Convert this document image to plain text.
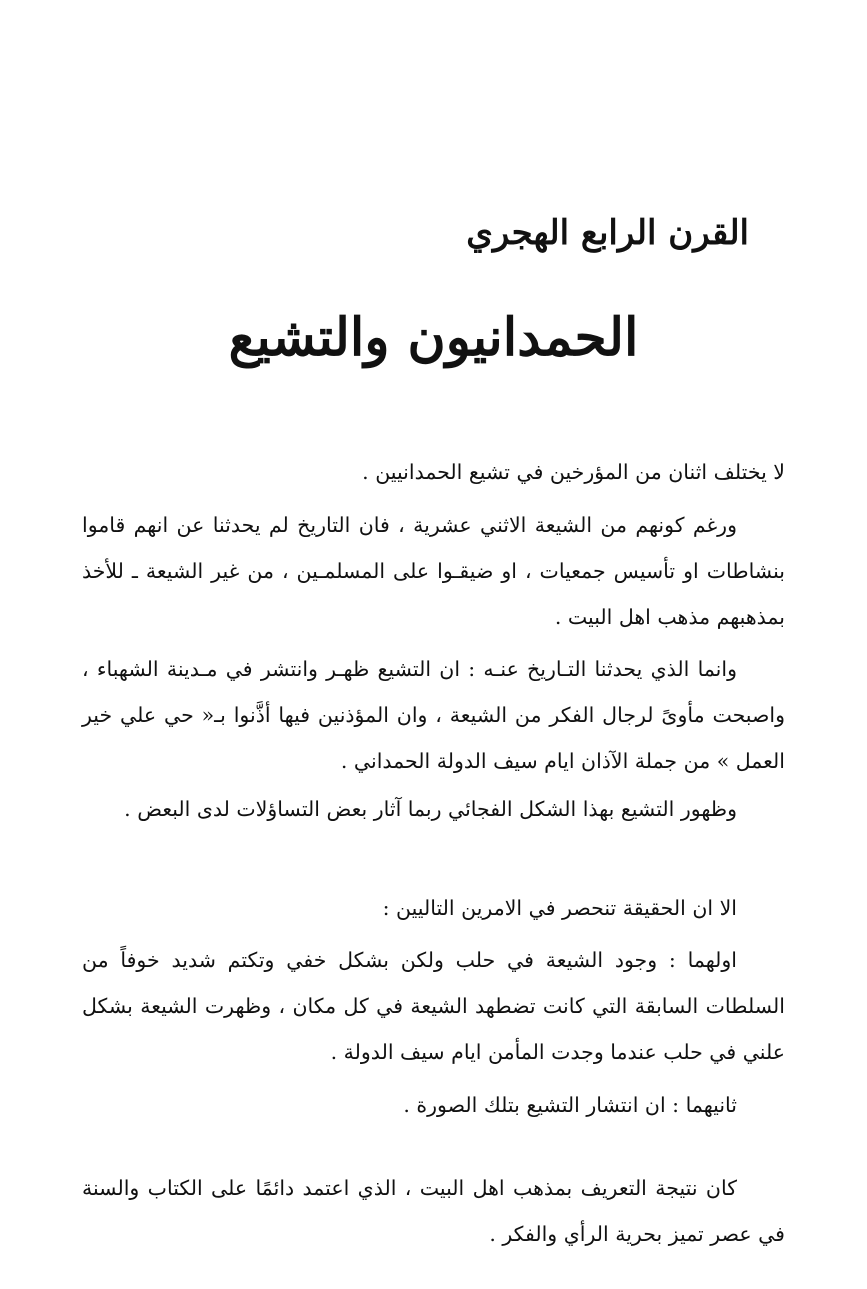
القرن الرابع الهجري
الحمدانيون والتشيع

لا يختلف اثنان من المؤرخين في تشيع الحمدانيين .

ورغم كونهم من الشيعة الاثني عشرية ، فان التاريخ لم يحدثنا عن انهم قاموا بنشاطات او تأسيس جمعيات ، او ضيقـوا على المسلمـين ، من غير الشيعة ـ للأخذ بمذهبهم مذهب اهل البيت .

وانما الذي يحدثنا التـاريخ عنـه : ان التشيع ظهـر وانتشر في مـدينة الشهباء ، واصبحت مأوىً لرجال الفكر من الشيعة ، وان المؤذنين فيها أذَّنوا بـ« حي علي خير العمل » من جملة الآذان ايام سيف الدولة الحمداني .

وظهور التشيع بهذا الشكل الفجائي ربما آثار بعض التساؤلات لدى البعض .

الا ان الحقيقة تنحصر في الامرين التاليين :

اولهما : وجود الشيعة في حلب ولكن بشكل خفي وتكتم شديد خوفاً من السلطات السابقة التي كانت تضطهد الشيعة في كل مكان ، وظهرت الشيعة بشكل علني في حلب عندما وجدت المأمن ايام سيف الدولة .

ثانيهما : ان انتشار التشيع بتلك الصورة .

كان نتيجة التعريف بمذهب اهل البيت ، الذي اعتمد دائمًا على الكتاب والسنة في عصر تميز بحرية الرأي والفكر .
